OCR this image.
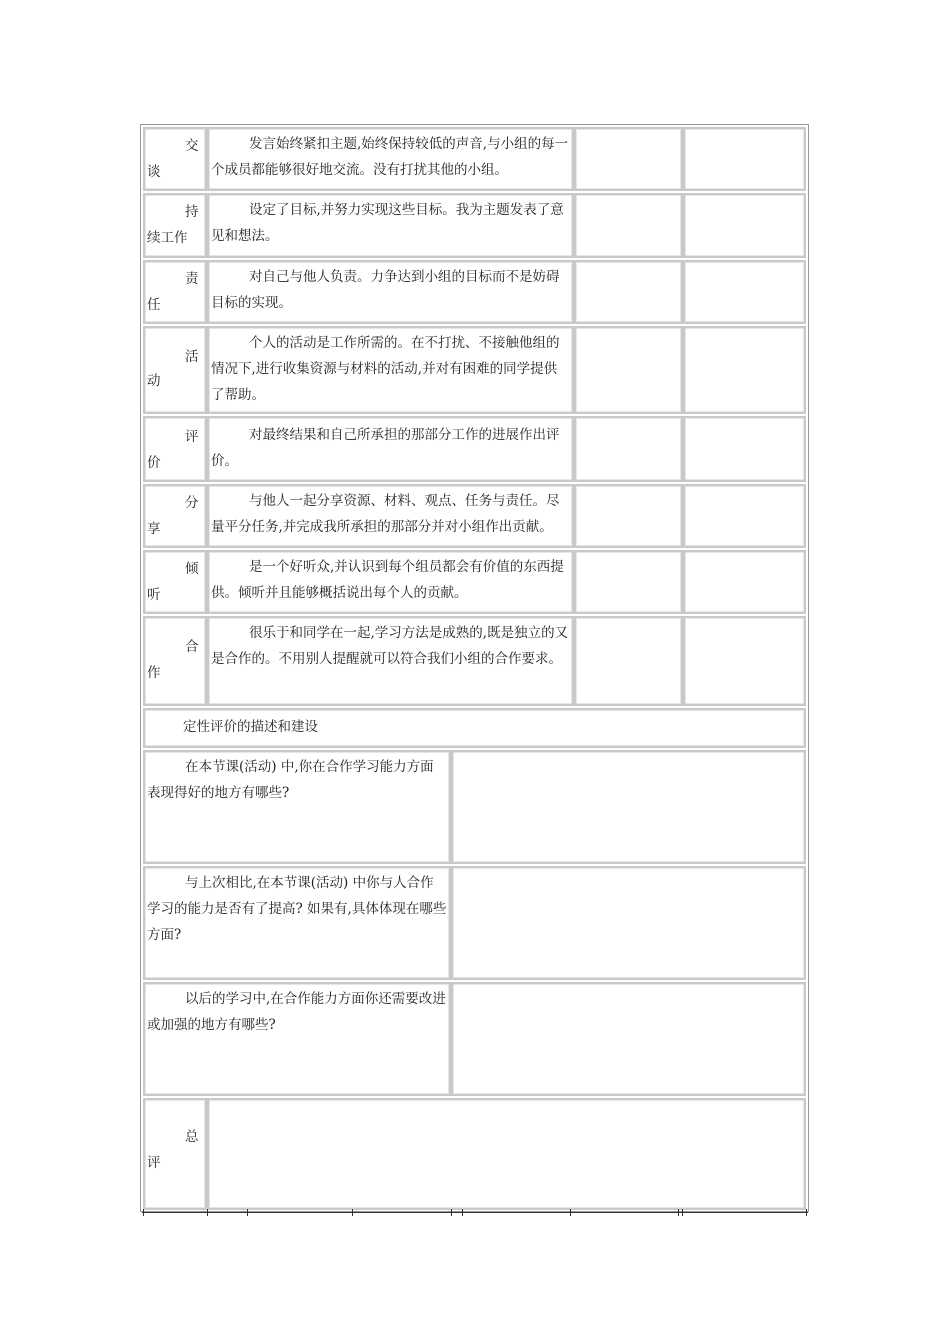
交
谈
发言始终紧扣主题,始终保持较低的声音,与小组的每一个成员都能够很好地交流。没有打扰其他的小组。
持
续工作
设定了目标,并努力实现这些目标。我为主题发表了意见和想法。
责
任
对自己与他人负责。力争达到小组的目标而不是妨碍目标的实现。
活
动
个人的活动是工作所需的。在不打扰、不接触他组的情况下,进行收集资源与材料的活动,并对有困难的同学提供了帮助。
评
价
对最终结果和自己所承担的那部分工作的进展作出评价。
分
享
与他人一起分享资源、材料、观点、任务与责任。尽量平分任务,并完成我所承担的那部分并对小组作出贡献。
倾
听
是一个好听众,并认识到每个组员都会有价值的东西提供。倾听并且能够概括说出每个人的贡献。
合
作
很乐于和同学在一起,学习方法是成熟的,既是独立的又是合作的。不用别人提醒就可以符合我们小组的合作要求。
定性评价的描述和建设
在本节课(活动) 中,你在合作学习能力方面表现得好的地方有哪些?
与上次相比,在本节课(活动) 中你与人合作学习的能力是否有了提高? 如果有,具体体现在哪些方面?
以后的学习中,在合作能力方面你还需要改进或加强的地方有哪些?
总
评
